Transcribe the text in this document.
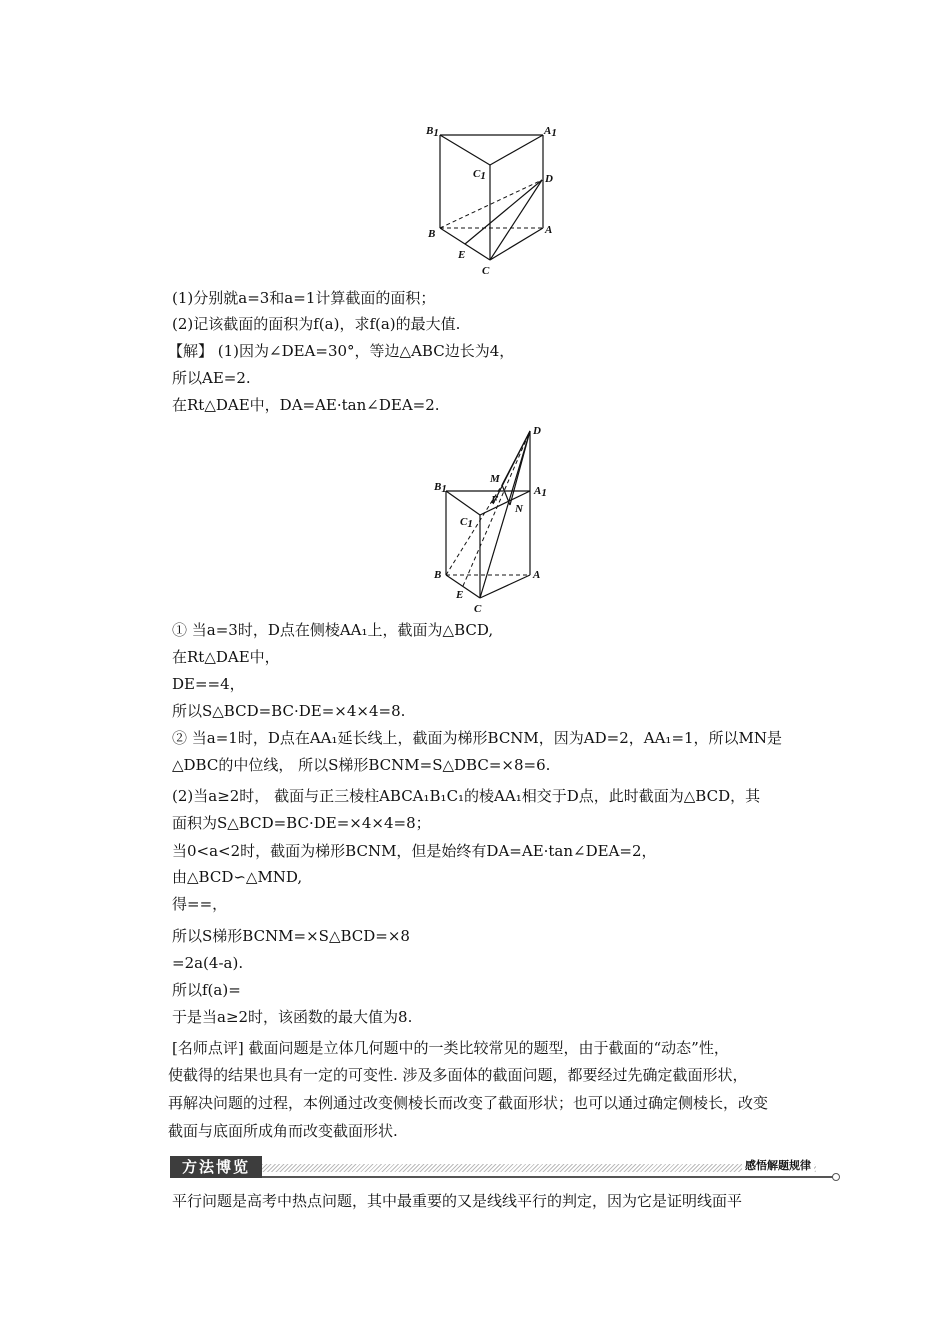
B1	A1
C1	D
B	A
E
C
D
M
F
B1	A1
C1
N
B	A
E
C
(1)分别就a=3和a=1计算截面的面积；
(2)记该截面的面积为f(a)，求f(a)的最大值.
【解】 (1)因为∠DEA=30°，等边△ABC边长为4，
所以AE=2.
在Rt△DAE中，DA=AE·tan∠DEA=2.
① 当a=3时，D点在侧棱AA₁上，截面为△BCD,
在Rt△DAE中，
DE==4，
所以S△BCD=BC·DE=×4×4=8.
② 当a=1时，D点在AA₁延长线上，截面为梯形BCNM，因为AD=2，AA₁=1，所以MN是
△DBC的中位线， 所以S梯形BCNM=S△DBC=×8=6.
(2)当a≥2时， 截面与正三棱柱ABCA₁B₁C₁的棱AA₁相交于D点，此时截面为△BCD，其
面积为S△BCD=BC·DE=×4×4=8；
当0<a<2时，截面为梯形BCNM，但是始终有DA=AE·tan∠DEA=2，
由△BCD∽△MND,
得==，
所以S梯形BCNM=×S△BCD=×8
=2a(4-a).
所以f(a)=
于是当a≥2时，该函数的最大值为8.
[名师点评] 截面问题是立体几何题中的一类比较常见的题型，由于截面的“动态”性，
使截得的结果也具有一定的可变性. 涉及多面体的截面问题，都要经过先确定截面形状，
再解决问题的过程，本例通过改变侧棱长而改变了截面形状；也可以通过确定侧棱长，改变
截面与底面所成角而改变截面形状.
方法博览	感悟解题规律
平行问题是高考中热点问题，其中最重要的又是线线平行的判定，因为它是证明线面平
